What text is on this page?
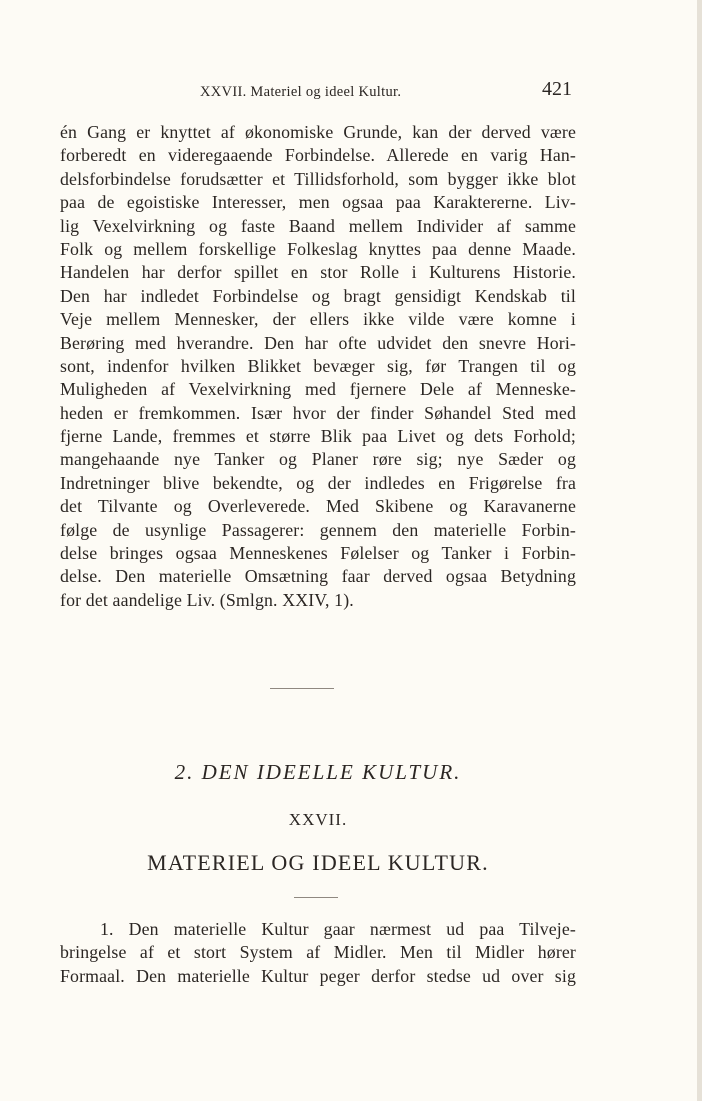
XXVII. Materiel og ideel Kultur.	421
én Gang er knyttet af økonomiske Grunde, kan der derved være
forberedt en videregaaende Forbindelse. Allerede en varig Han-
delsforbindelse forudsætter et Tillidsforhold, som bygger ikke blot
paa de egoistiske Interesser, men ogsaa paa Karaktererne. Liv-
lig Vexelvirkning og faste Baand mellem Individer af samme
Folk og mellem forskellige Folkeslag knyttes paa denne Maade.
Handelen har derfor spillet en stor Rolle i Kulturens Historie.
Den har indledet Forbindelse og bragt gensidigt Kendskab til
Veje mellem Mennesker, der ellers ikke vilde være komne i
Berøring med hverandre. Den har ofte udvidet den snevre Hori-
sont, indenfor hvilken Blikket bevæger sig, før Trangen til og
Muligheden af Vexelvirkning med fjernere Dele af Menneske-
heden er fremkommen. Især hvor der finder Søhandel Sted med
fjerne Lande, fremmes et større Blik paa Livet og dets Forhold;
mangehaande nye Tanker og Planer røre sig; nye Sæder og
Indretninger blive bekendte, og der indledes en Frigørelse fra
det Tilvante og Overleverede. Med Skibene og Karavanerne
følge de usynlige Passagerer: gennem den materielle Forbin-
delse bringes ogsaa Menneskenes Følelser og Tanker i Forbin-
delse. Den materielle Omsætning faar derved ogsaa Betydning
for det aandelige Liv. (Smlgn. XXIV, 1).
2. DEN IDEELLE KULTUR.
XXVII.
MATERIEL OG IDEEL KULTUR.
1. Den materielle Kultur gaar nærmest ud paa Tilveje-
bringelse af et stort System af Midler. Men til Midler hører
Formaal. Den materielle Kultur peger derfor stedse ud over sig
